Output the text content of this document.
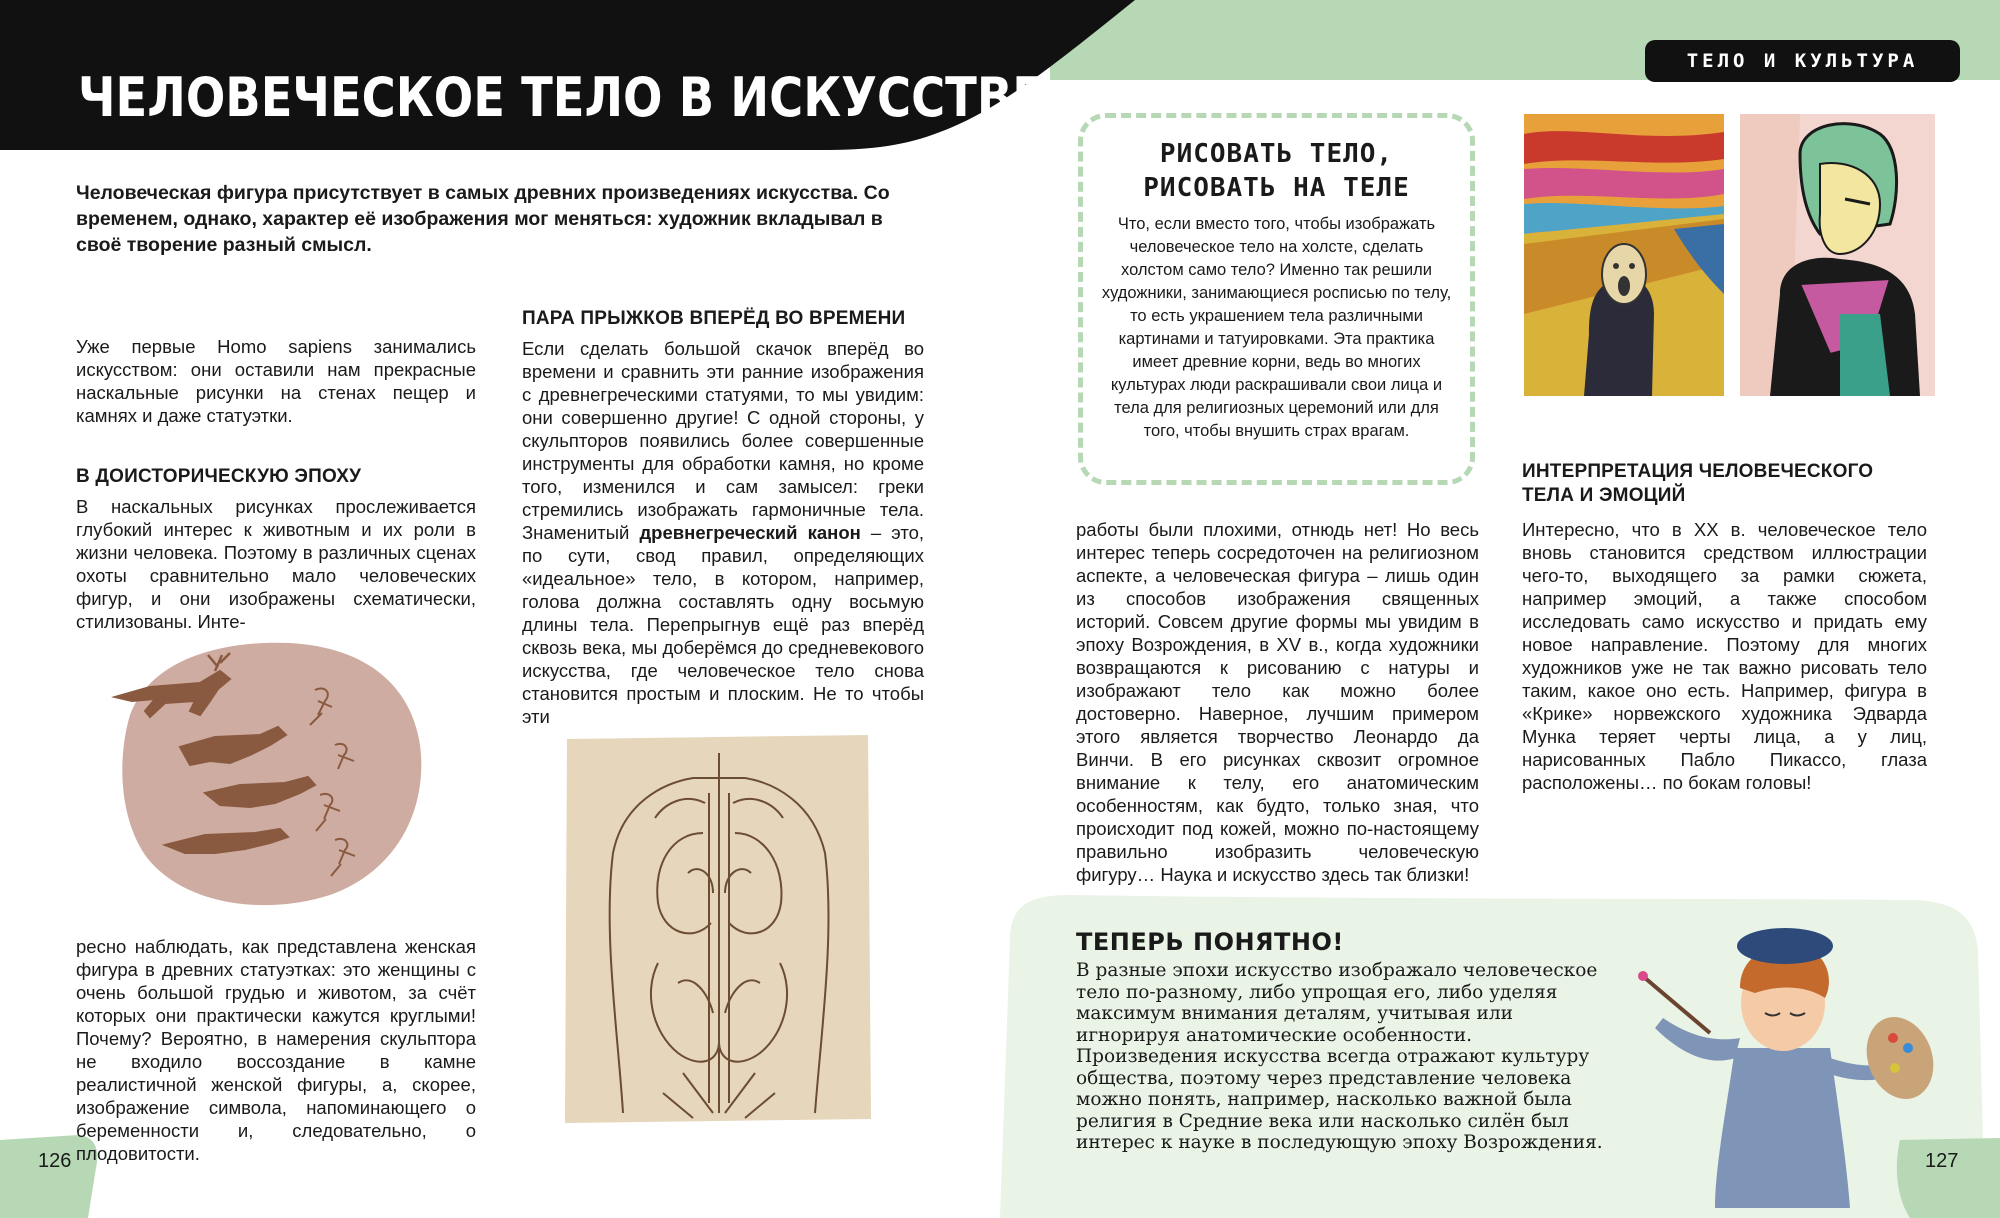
ЧЕЛОВЕЧЕСКОЕ ТЕЛО В ИСКУССТВЕ
ТЕЛО И КУЛЬТУРА

Человеческая фигура присутствует в самых древних произведениях искусства. Со временем, однако, характер её изображения мог меняться: художник вкладывал в своё творение разный смысл.

Уже первые Homo sapiens занимались искусством: они оставили нам прекрасные наскальные рисунки на стенах пещер и камнях и даже статуэтки.

В ДОИСТОРИЧЕСКУЮ ЭПОХУ

В наскальных рисунках прослеживается глубокий интерес к животным и их роли в жизни человека. Поэтому в различных сценах охоты сравнительно мало человеческих фигур, и они изображены схематически, стилизованы. Инте-

ресно наблюдать, как представлена женская фигура в древних статуэтках: это женщины с очень большой грудью и животом, за счёт которых они практически кажутся круглыми! Почему? Вероятно, в намерения скульптора не входило воссоздание в камне реалистичной женской фигуры, а, скорее, изображение символа, напоминающего о беременности и, следовательно, о плодовитости.

ПАРА ПРЫЖКОВ ВПЕРЁД ВО ВРЕМЕНИ

Если сделать большой скачок вперёд во времени и сравнить эти ранние изображения с древнегреческими статуями, то мы увидим: они совершенно другие! С одной стороны, у скульпторов появились более совершенные инструменты для обработки камня, но кроме того, изменился и сам замысел: греки стремились изображать гармоничные тела. Знаменитый древнегреческий канон – это, по сути, свод правил, определяющих «идеальное» тело, в котором, например, голова должна составлять одну восьмую длины тела. Перепрыгнув ещё раз вперёд сквозь века, мы доберёмся до средневекового искусства, где человеческое тело снова становится простым и плоским. Не то чтобы эти

РИСОВАТЬ ТЕЛО,

РИСОВАТЬ НА ТЕЛЕ

Что, если вместо того, чтобы изображать человеческое тело на холсте, сделать холстом само тело? Именно так решили художники, занимающиеся росписью по телу, то есть украшением тела различными картинами и татуировками. Эта практика имеет древние корни, ведь во многих культурах люди раскрашивали свои лица и тела для религиозных церемоний или для того, чтобы внушить страх врагам.

работы были плохими, отнюдь нет! Но весь интерес теперь сосредоточен на религиозном аспекте, а человеческая фигура – лишь один из способов изображения священных историй. Совсем другие формы мы увидим в эпоху Возрождения, в XV в., когда художники возвращаются к рисованию с натуры и изображают тело как можно более достоверно. Наверное, лучшим примером этого является творчество Леонардо да Винчи. В его рисунках сквозит огромное внимание к телу, его анатомическим особенностям, как будто, только зная, что происходит под кожей, можно по-настоящему правильно изобразить человеческую фигуру… Наука и искусство здесь так близки!

ИНТЕРПРЕТАЦИЯ ЧЕЛОВЕЧЕСКОГО ТЕЛА И ЭМОЦИЙ

Интересно, что в XX в. человеческое тело вновь становится средством иллюстрации чего-то, выходящего за рамки сюжета, например эмоций, а также способом исследовать само искусство и придать ему новое направление. Поэтому для многих художников уже не так важно рисовать тело таким, какое оно есть. Например, фигура в «Крике» норвежского художника Эдварда Мунка теряет черты лица, а у лиц, нарисованных Пабло Пикассо, глаза расположены… по бокам головы!

ТЕПЕРЬ ПОНЯТНО!

В разные эпохи искусство изображало человеческое тело по-разному, либо упрощая его, либо уделяя максимум внимания деталям, учитывая или игнорируя анатомические особенности. Произведения искусства всегда отражают культуру общества, поэтому через представление человека можно понять, например, насколько важной была религия в Средние века или насколько силён был интерес к науке в последующую эпоху Возрождения.

126	127
